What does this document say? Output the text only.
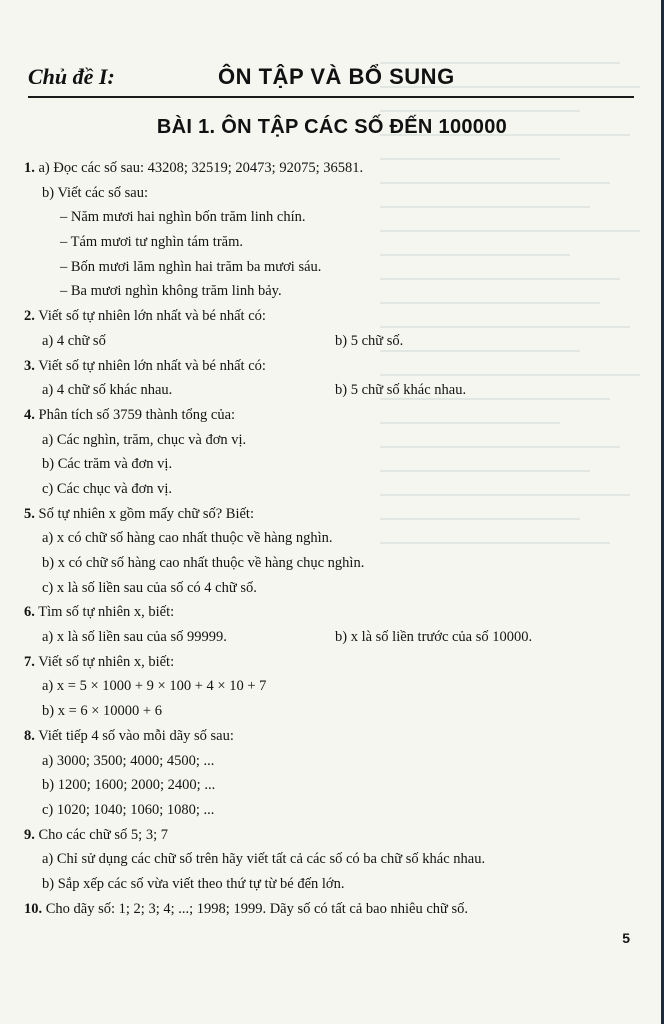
Chủ đề I:	ÔN TẬP VÀ BỔ SUNG
BÀI 1. ÔN TẬP CÁC SỐ ĐẾN 100000
1. a) Đọc các số sau: 43208; 32519; 20473; 92075; 36581.
b) Viết các số sau:
– Năm mươi hai nghìn bốn trăm linh chín.
– Tám mươi tư nghìn tám trăm.
– Bốn mươi lăm nghìn hai trăm ba mươi sáu.
– Ba mươi nghìn không trăm linh bảy.
2. Viết số tự nhiên lớn nhất và bé nhất có:
a) 4 chữ số	b) 5 chữ số.
3. Viết số tự nhiên lớn nhất và bé nhất có:
a) 4 chữ số khác nhau.	b) 5 chữ số khác nhau.
4. Phân tích số 3759 thành tổng của:
a) Các nghìn, trăm, chục và đơn vị.
b) Các trăm và đơn vị.
c) Các chục và đơn vị.
5. Số tự nhiên x gồm mấy chữ số? Biết:
a) x có chữ số hàng cao nhất thuộc về hàng nghìn.
b) x có chữ số hàng cao nhất thuộc về hàng chục nghìn.
c) x là số liền sau của số có 4 chữ số.
6. Tìm số tự nhiên x, biết:
a) x là số liền sau của số 99999.	b) x là số liền trước của số 10000.
7. Viết số tự nhiên x, biết:
a) x = 5 × 1000 + 9 × 100 + 4 × 10 + 7
b) x = 6 × 10000 + 6
8. Viết tiếp 4 số vào mỗi dãy số sau:
a) 3000; 3500; 4000; 4500; ...
b) 1200; 1600; 2000; 2400; ...
c) 1020; 1040; 1060; 1080; ...
9. Cho các chữ số 5; 3; 7
a) Chỉ sử dụng các chữ số trên hãy viết tất cả các số có ba chữ số khác nhau.
b) Sắp xếp các số vừa viết theo thứ tự từ bé đến lớn.
10. Cho dãy số: 1; 2; 3; 4; ...; 1998; 1999. Dãy số có tất cả bao nhiêu chữ số.
5
